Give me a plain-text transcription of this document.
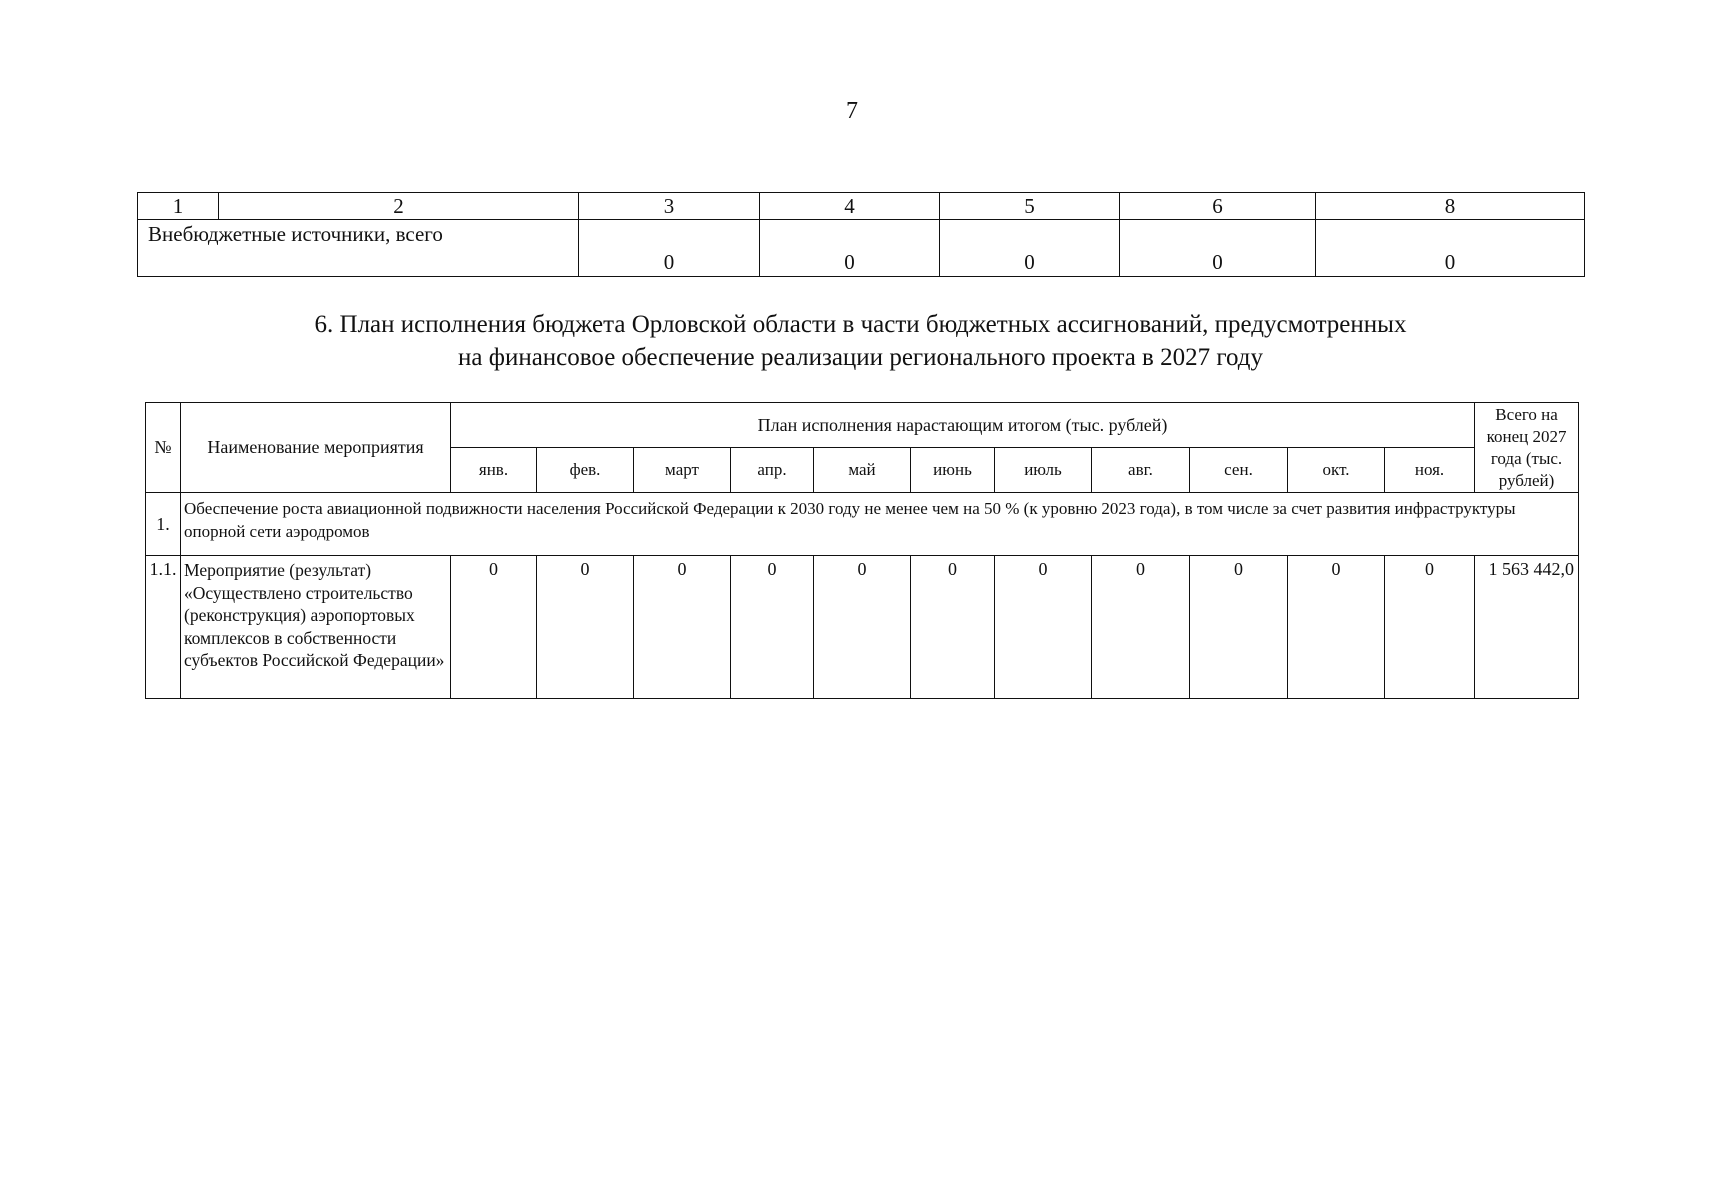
7
1	2	3	4	5	6	8
Внебюджетные источники, всего		0	0	0	0	0
6. План исполнения бюджета Орловской области в части бюджетных ассигнований, предусмотренных
на финансовое обеспечение реализации регионального проекта в 2027 году
№	Наименование мероприятия	План исполнения нарастающим итогом (тыс. рублей)											Всего на конец 2027 года (тыс. рублей)
		янв.	фев.	март	апр.	май	июнь	июль	авг.	сен.	окт.	ноя.	
1.	Обеспечение роста авиационной подвижности населения Российской Федерации к 2030 году не менее чем на 50 % (к уровню 2023 года), в том числе за счет развития инфраструктуры опорной сети аэродромов												
1.1.	Мероприятие (результат) «Осуществлено строительство (реконструкция) аэропортовых комплексов в собственности субъектов Российской Федерации»	0	0	0	0	0	0	0	0	0	0	0	1 563 442,0
